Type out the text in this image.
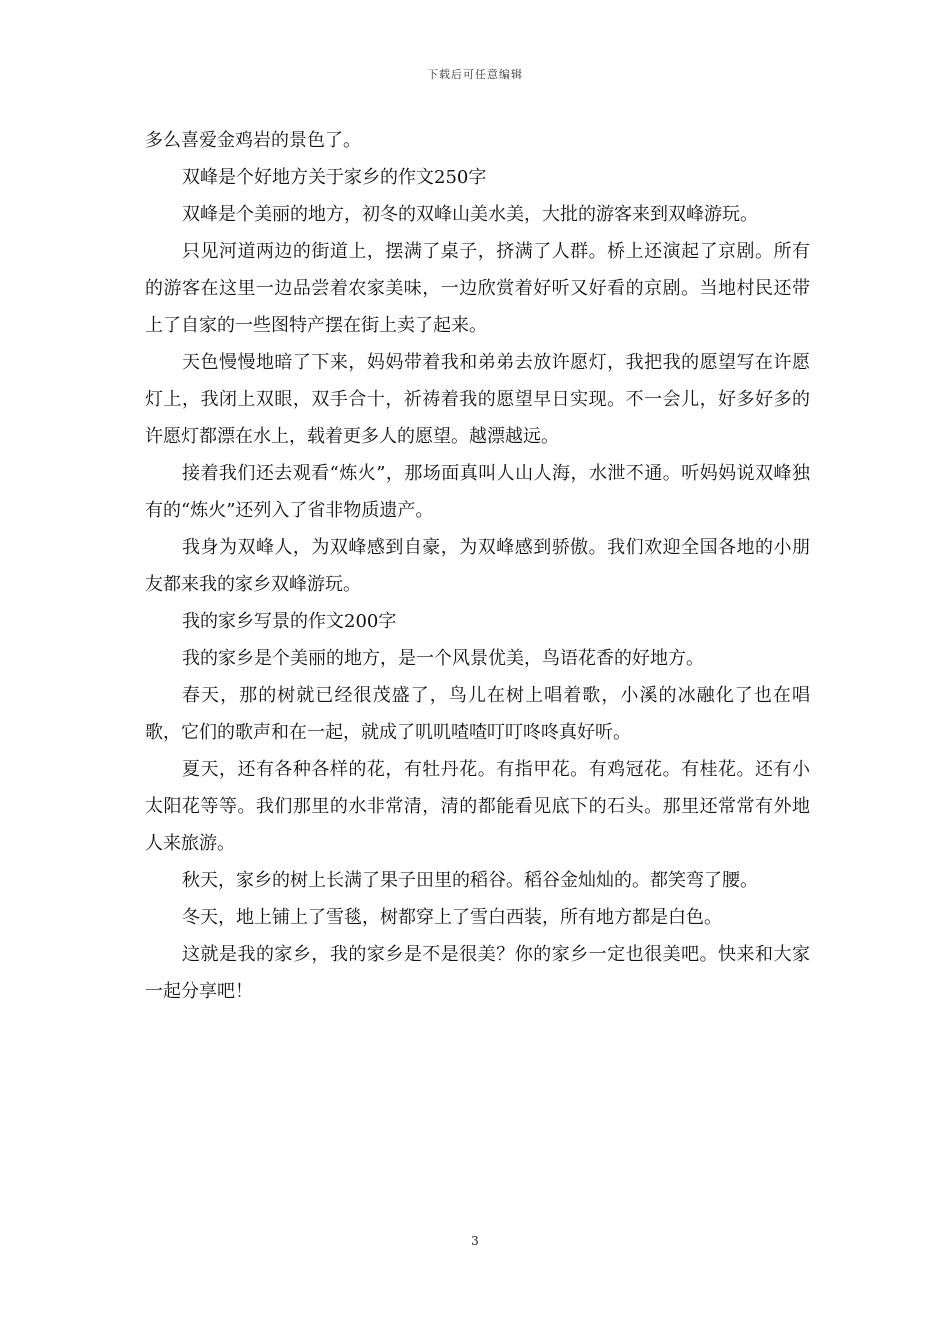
下载后可任意编辑

多么喜爱金鸡岩的景色了。

双峰是个好地方关于家乡的作文250字

双峰是个美丽的地方，初冬的双峰山美水美，大批的游客来到双峰游玩。

只见河道两边的街道上，摆满了桌子，挤满了人群。桥上还演起了京剧。所有的游客在这里一边品尝着农家美味，一边欣赏着好听又好看的京剧。当地村民还带上了自家的一些图特产摆在街上卖了起来。

天色慢慢地暗了下来，妈妈带着我和弟弟去放许愿灯，我把我的愿望写在许愿灯上，我闭上双眼，双手合十，祈祷着我的愿望早日实现。不一会儿，好多好多的许愿灯都漂在水上，载着更多人的愿望。越漂越远。

接着我们还去观看“炼火”，那场面真叫人山人海，水泄不通。听妈妈说双峰独有的“炼火”还列入了省非物质遗产。

我身为双峰人，为双峰感到自豪，为双峰感到骄傲。我们欢迎全国各地的小朋友都来我的家乡双峰游玩。

我的家乡写景的作文200字

我的家乡是个美丽的地方，是一个风景优美，鸟语花香的好地方。

春天，那的树就已经很茂盛了，鸟儿在树上唱着歌，小溪的冰融化了也在唱歌，它们的歌声和在一起，就成了叽叽喳喳叮叮咚咚真好听。

夏天，还有各种各样的花，有牡丹花。有指甲花。有鸡冠花。有桂花。还有小太阳花等等。我们那里的水非常清，清的都能看见底下的石头。那里还常常有外地人来旅游。

秋天，家乡的树上长满了果子田里的稻谷。稻谷金灿灿的。都笑弯了腰。

冬天，地上铺上了雪毯，树都穿上了雪白西装，所有地方都是白色。

这就是我的家乡，我的家乡是不是很美？你的家乡一定也很美吧。快来和大家一起分享吧！

3
